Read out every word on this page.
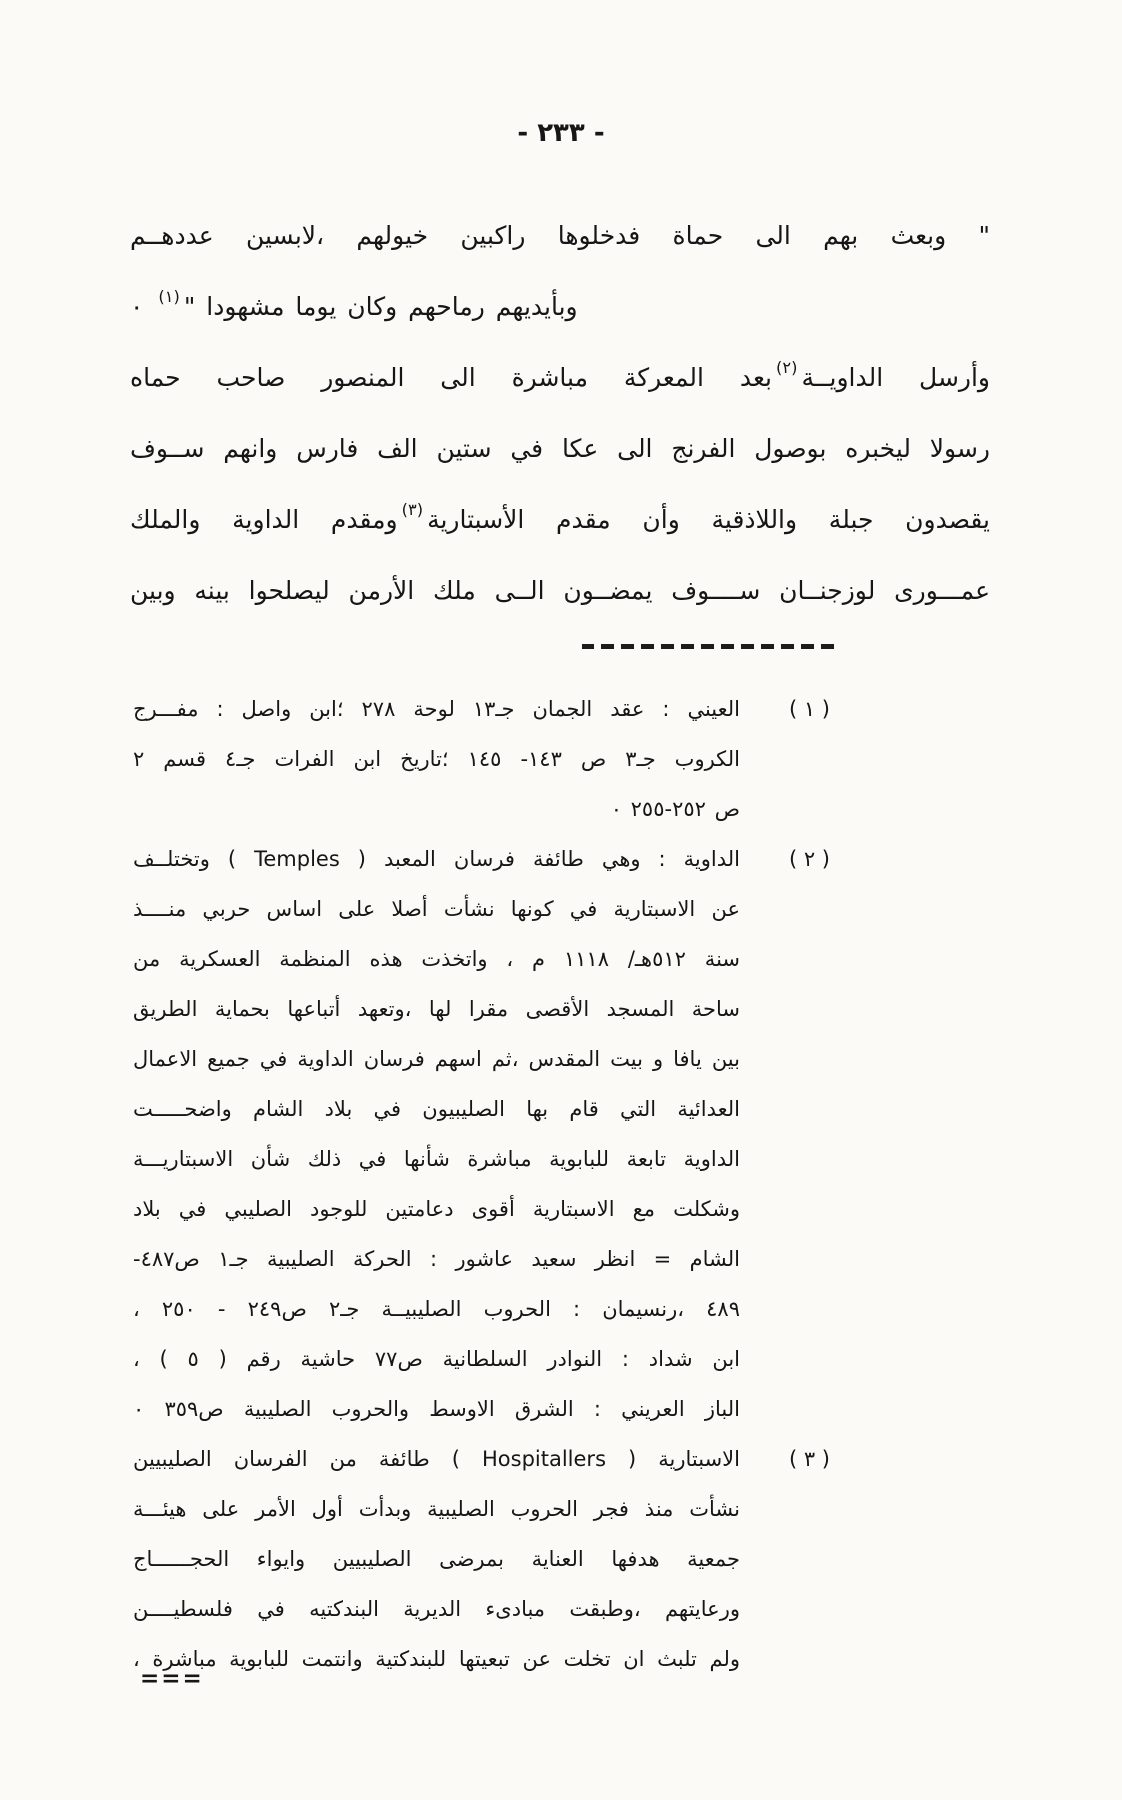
- ٢٣٣ -
" وبعث بهم الى حماة فدخلوها راكبين خيولهم ،لابسين عددهــم
وبأيديهم رماحهم وكان يوما مشهودا "$^{(١)}$ ٠
وأرسل الداويــة$^{(٢)}$بعد المعركة مباشرة الى المنصور صاحب حماه
رسولا ليخبره بوصول الفرنج الى عكا في ستين الف فارس وانهم ســوف
يقصدون جبلة واللاذقية وأن مقدم الأسبتارية$^{(٣)}$ومقدم الداوية والملك
عمـــورى لوزجنــان ســــوف يمضــون الــى ملك الأرمن ليصلحوا بينه وبين
( ١ )
العيني : عقد الجمان جـ١٣ لوحة ٢٧٨ ؛ابن واصل : مفـــرج
الكروب جـ٣ ص ١٤٣- ١٤٥ ؛تاريخ ابن الفرات جـ٤ قسم ٢
ص ٢٥٢-٢٥٥ ٠
( ٢ )
الداوية : وهي طائفة فرسان المعبد ( Temples ) وتختلــف
عن الاسبتارية في كونها نشأت أصلا على اساس حربي منــــذ
سنة ٥١٢هـ/ ١١١٨ م ، واتخذت هذه المنظمة العسكرية من
ساحة المسجد الأقصى مقرا لها ،وتعهد أتباعها بحماية الطريق
بين يافا و بيت المقدس ،ثم اسهم فرسان الداوية في جميع الاعمال
العدائية التي قام بها الصليبيون في بلاد الشام واضحـــــت
الداوية تابعة للبابوية مباشرة شأنها في ذلك شأن الاسبتاريـــة
وشكلت مع الاسبتارية أقوى دعامتين للوجود الصليبي في بلاد
الشام = انظر سعيد عاشور : الحركة الصليبية جـ١ ص٤٨٧-
٤٨٩ ،رنسيمان : الحروب الصليبيــة جـ٢ ص٢٤٩ - ٢٥٠ ،
ابن شداد : النوادر السلطانية ص٧٧ حاشية رقم ( ٥ ) ،
الباز العريني : الشرق الاوسط والحروب الصليبية ص٣٥٩ ٠
( ٣ )
الاسبتارية ( Hospitallers ) طائفة من الفرسان الصليبيين
نشأت منذ فجر الحروب الصليبية وبدأت أول الأمر على هيئـــة
جمعية هدفها العناية بمرضى الصليبيين وايواء الحجــــــاج
ورعايتهم ،وطبقت مبادىء الديرية البندكتيه في فلسطيــــن
ولم تلبث ان تخلت عن تبعيتها للبندكتية وانتمت للبابوية مباشرة ،
===
